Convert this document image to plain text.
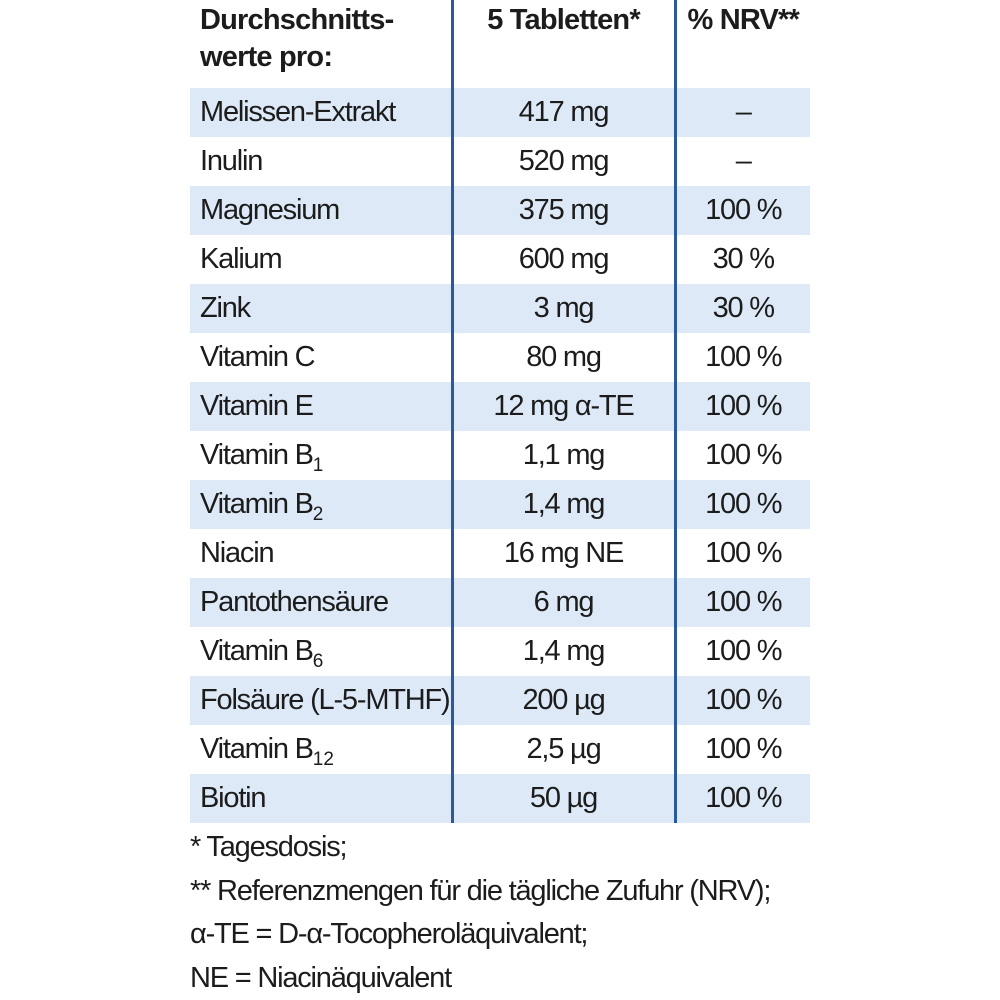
Durchschnitts-
werte pro:	5 Tabletten*	% NRV**
Melissen-Extrakt	417 mg	–
Inulin	520 mg	–
Magnesium	375 mg	100 %
Kalium	600 mg	30 %
Zink	3 mg	30 %
Vitamin C	80 mg	100 %
Vitamin E	12 mg α-TE	100 %
Vitamin $B_1$	1,1 mg	100 %
Vitamin $B_2$	1,4 mg	100 %
Niacin	16 mg NE	100 %
Pantothensäure	6 mg	100 %
Vitamin $B_6$	1,4 mg	100 %
Folsäure (L-5-MTHF)	200 µg	100 %
Vitamin $B_{12}$	2,5 µg	100 %
Biotin	50 µg	100 %
* Tagesdosis;
** Referenzmengen für die tägliche Zufuhr (NRV);
α-TE = D-α-Tocopheroläquivalent;
NE = Niacinäquivalent
